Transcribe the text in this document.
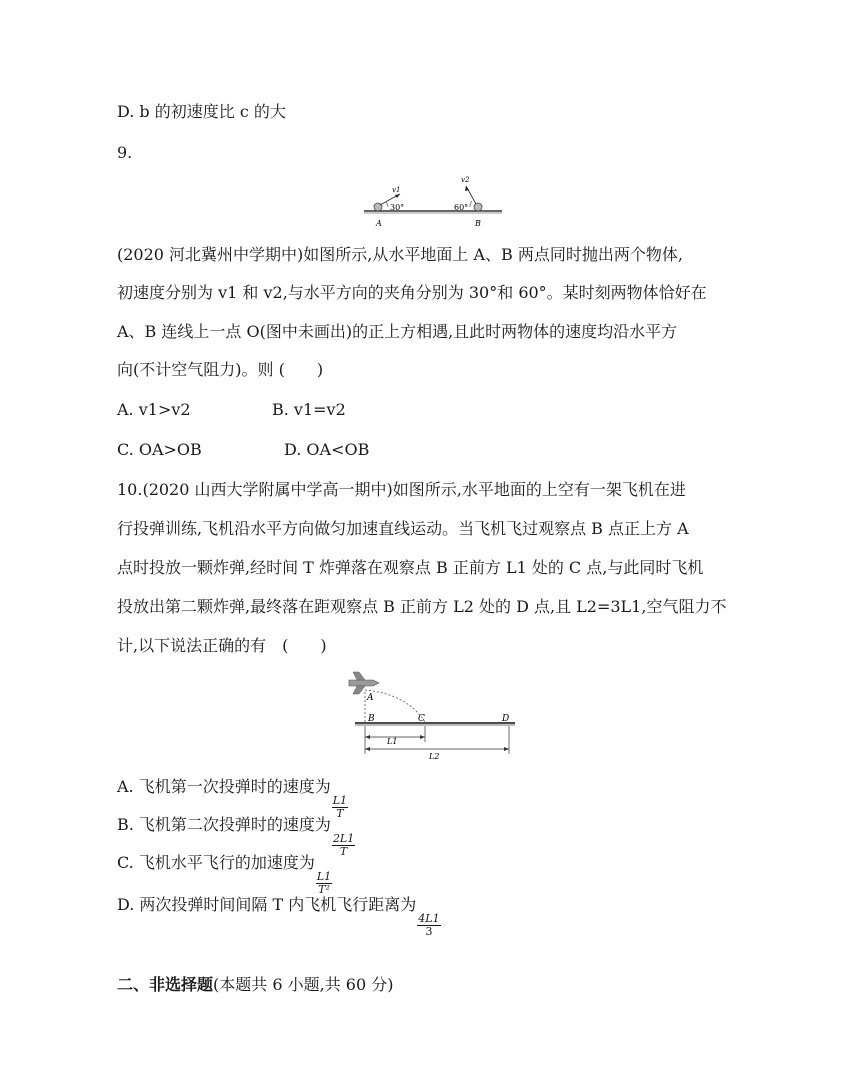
D. b 的初速度比 c 的大
9.
v1
v2
30°	60°
A	B
(2020 河北冀州中学期中)如图所示,从水平地面上 A、B 两点同时抛出两个物体,
初速度分别为 v1 和 v2,与水平方向的夹角分别为 30°和 60°。某时刻两物体恰好在
A、B 连线上一点 O(图中未画出)的正上方相遇,且此时两物体的速度均沿水平方
向(不计空气阻力)。则 (　　)
A. v1>v2	B. v1=v2
C. OA>OB	D. OA<OB
10.(2020 山西大学附属中学高一期中)如图所示,水平地面的上空有一架飞机在进
行投弹训练,飞机沿水平方向做匀加速直线运动。当飞机飞过观察点 B 点正上方 A
点时投放一颗炸弹,经时间 T 炸弹落在观察点 B 正前方 L1 处的 C 点,与此同时飞机
投放出第二颗炸弹,最终落在距观察点 B 正前方 L2 处的 D 点,且 L2=3L1,空气阻力不
计,以下说法正确的有　(　　)
A
B	C	D
L1
L2
A. 飞机第一次投弹时的速度为
$\frac{L1}{T}$
B. 飞机第二次投弹时的速度为
$\frac{2L1}{T}$
C. 飞机水平飞行的加速度为
$\frac{L1}{\text{T²}}$
D. 两次投弹时间间隔 T 内飞机飞行距离为
$\frac{4L1}{3}$
二、非选择题(本题共 6 小题,共 60 分)
